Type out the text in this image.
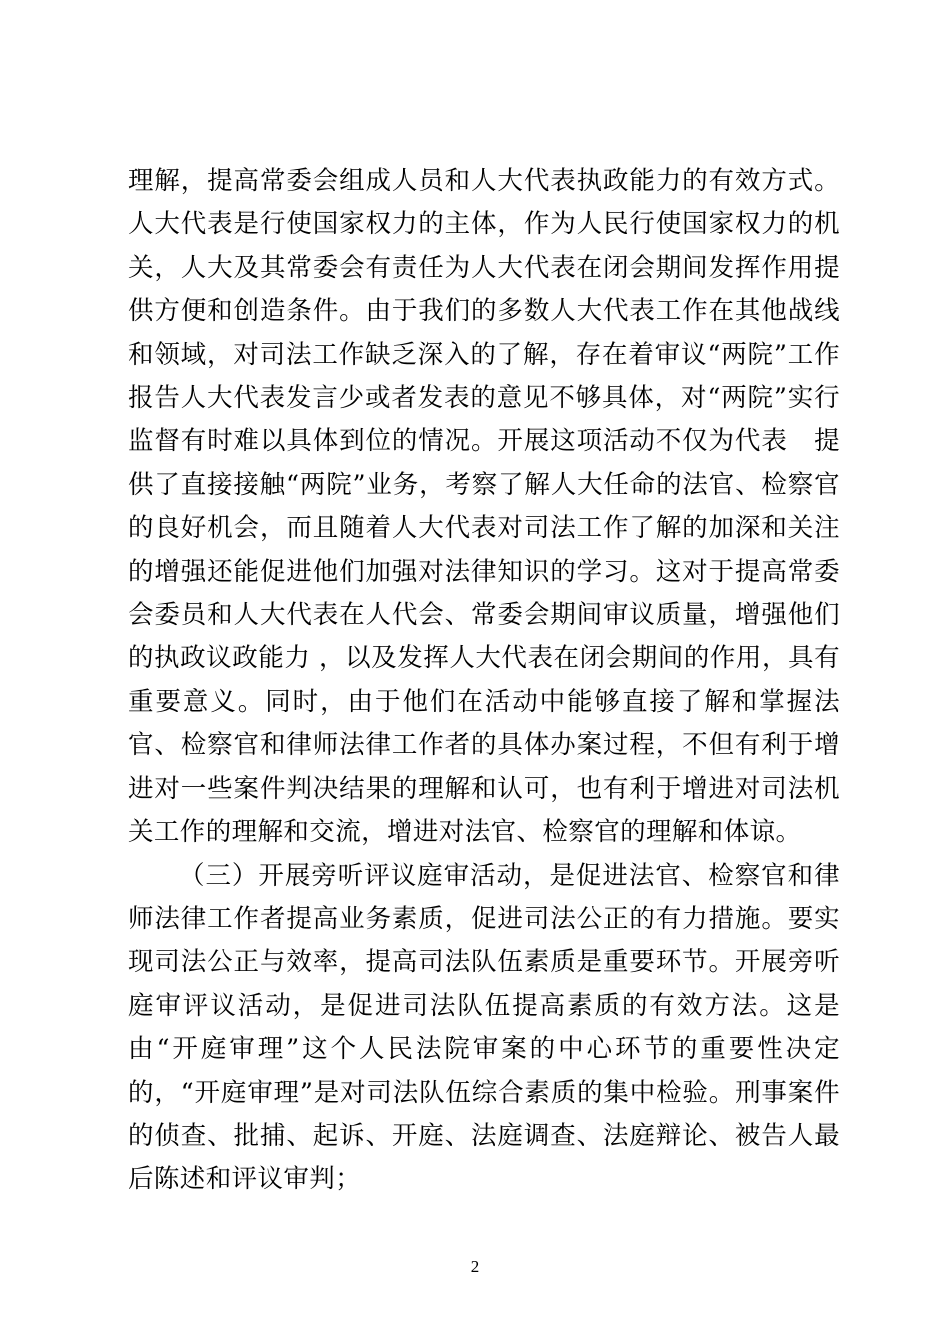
理解，提高常委会组成人员和人大代表执政能力的有效方式。人大代表是行使国家权力的主体，作为人民行使国家权力的机关，人大及其常委会有责任为人大代表在闭会期间发挥作用提供方便和创造条件。由于我们的多数人大代表工作在其他战线和领域，对司法工作缺乏深入的了解，存在着审议“两院”工作报告人大代表发言少或者发表的意见不够具体，对“两院”实行监督有时难以具体到位的情况。开展这项活动不仅为代表　提供了直接接触“两院”业务，考察了解人大任命的法官、检察官的良好机会，而且随着人大代表对司法工作了解的加深和关注的增强还能促进他们加强对法律知识的学习。这对于提高常委会委员和人大代表在人代会、常委会期间审议质量，增强他们的执政议政能力 ，以及发挥人大代表在闭会期间的作用，具有重要意义。同时，由于他们在活动中能够直接了解和掌握法官、检察官和律师法律工作者的具体办案过程，不但有利于增进对一些案件判决结果的理解和认可，也有利于增进对司法机关工作的理解和交流，增进对法官、检察官的理解和体谅。

（三）开展旁听评议庭审活动，是促进法官、检察官和律师法律工作者提高业务素质，促进司法公正的有力措施。要实现司法公正与效率，提高司法队伍素质是重要环节。开展旁听庭审评议活动，是促进司法队伍提高素质的有效方法。这是由“开庭审理”这个人民法院审案的中心环节的重要性决定的，“开庭审理”是对司法队伍综合素质的集中检验。刑事案件的侦查、批捕、起诉、开庭、法庭调查、法庭辩论、被告人最后陈述和评议审判；

2
